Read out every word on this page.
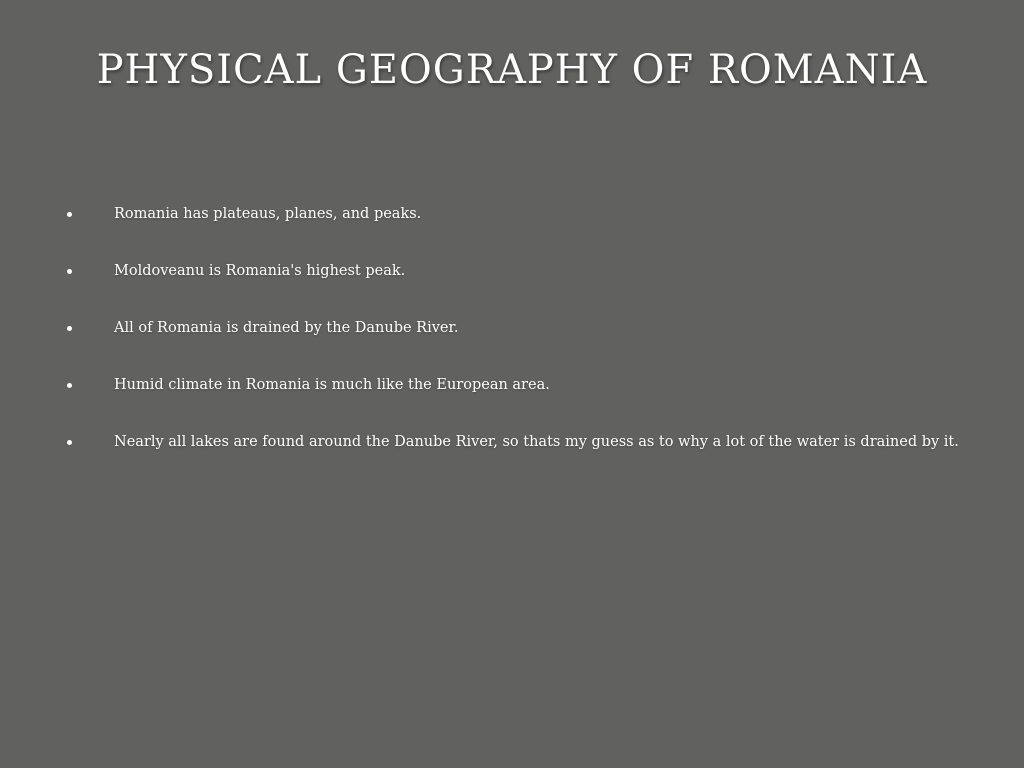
PHYSICAL GEOGRAPHY OF ROMANIA
Romania has plateaus, planes, and peaks.
Moldoveanu is Romania's highest peak.
All of Romania is drained by the Danube River.
Humid climate in Romania is much like the European area.
Nearly all lakes are found around the Danube River, so thats my guess as to why a lot of the water is drained by it.
